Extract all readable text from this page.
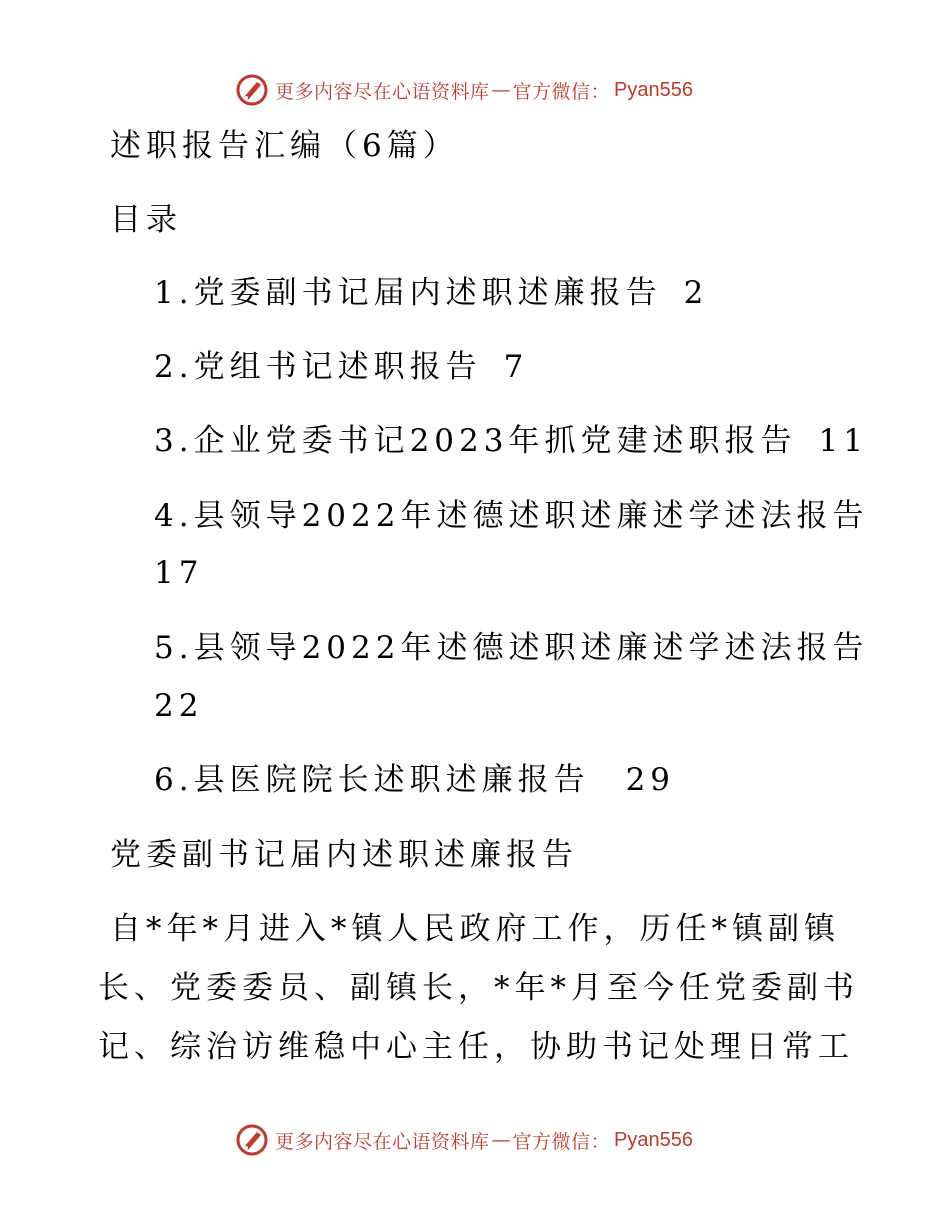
更多内容尽在心语资料库 — 官方微信： Pyan556
述职报告汇编（6篇）
目录
1.党委副书记届内述职述廉报告 2
2.党组书记述职报告 7
3.企业党委书记2023年抓党建述职报告 11
4.县领导2022年述德述职述廉述学述法报告
17
5.县领导2022年述德述职述廉述学述法报告
22
6.县医院院长述职述廉报告 29
党委副书记届内述职述廉报告
自*年*月进入*镇人民政府工作，历任*镇副镇
长、党委委员、副镇长，*年*月至今任党委副书
记、综治访维稳中心主任，协助书记处理日常工
更多内容尽在心语资料库 — 官方微信： Pyan556
